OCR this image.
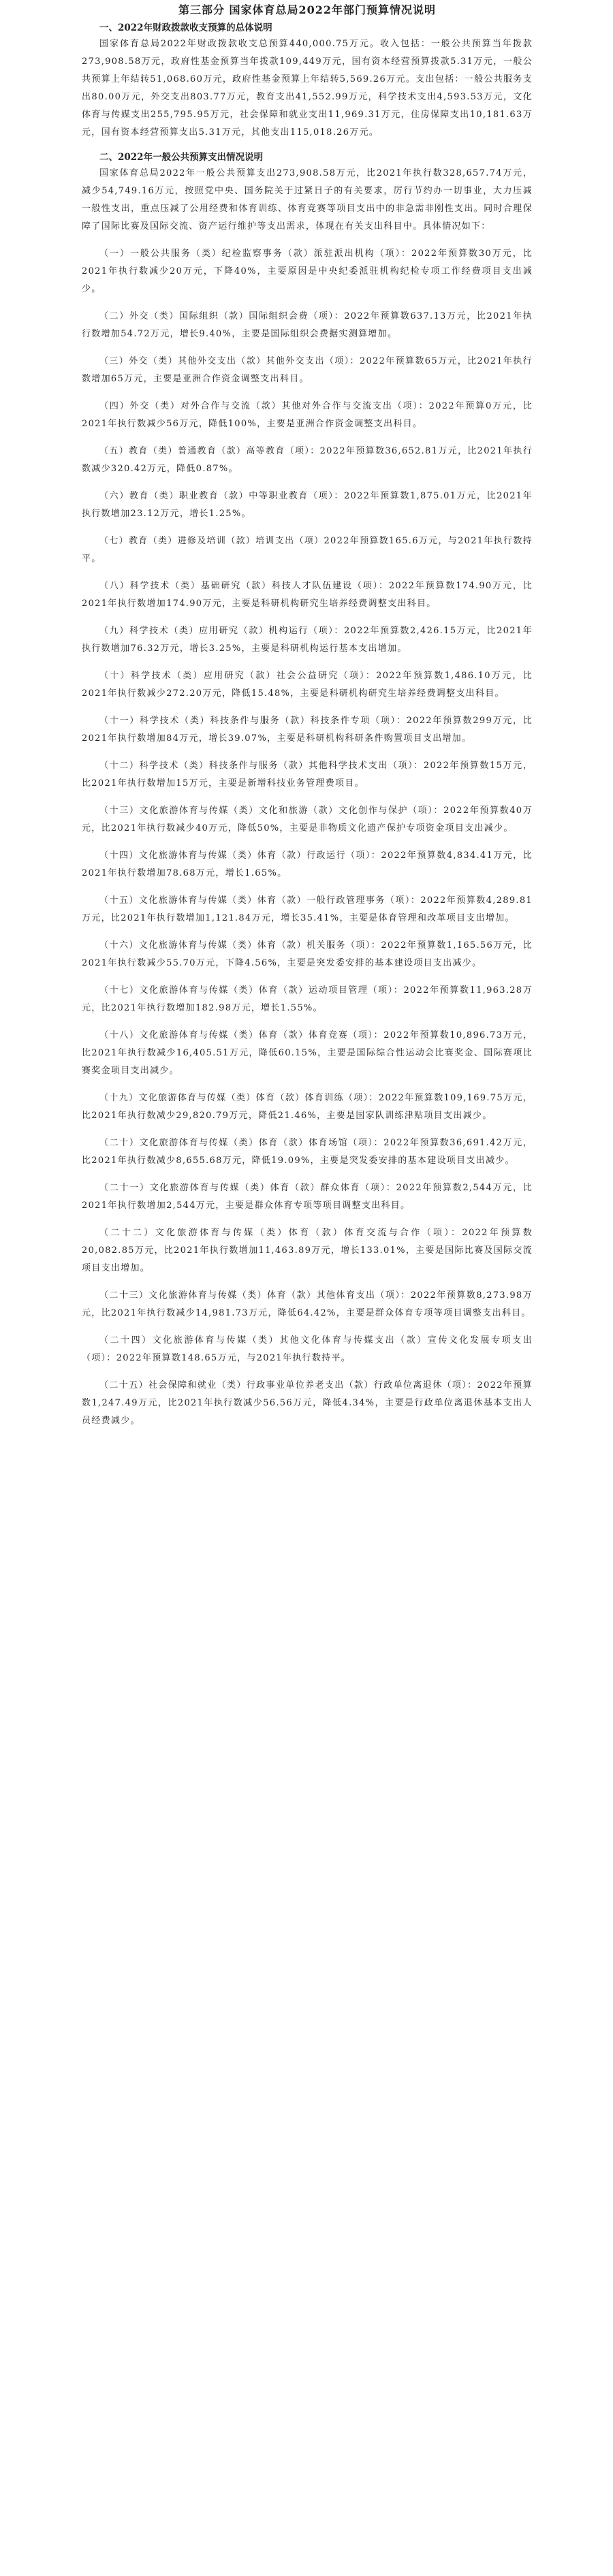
第三部分 国家体育总局2022年部门预算情况说明
一、2022年财政拨款收支预算的总体说明

国家体育总局2022年财政拨款收支总预算440,000.75万元。收入包括：一般公共预算当年拨款273,908.58万元，政府性基金预算当年拨款109,449万元，国有资本经营预算拨款5.31万元，一般公共预算上年结转51,068.60万元，政府性基金预算上年结转5,569.26万元。支出包括：一般公共服务支出80.00万元，外交支出803.77万元，教育支出41,552.99万元，科学技术支出4,593.53万元，文化体育与传媒支出255,795.95万元，社会保障和就业支出11,969.31万元，住房保障支出10,181.63万元，国有资本经营预算支出5.31万元，其他支出115,018.26万元。

二、2022年一般公共预算支出情况说明

国家体育总局2022年一般公共预算支出273,908.58万元，比2021年执行数328,657.74万元，减少54,749.16万元，按照党中央、国务院关于过紧日子的有关要求，厉行节约办一切事业，大力压减一般性支出，重点压减了公用经费和体育训练、体育竞赛等项目支出中的非急需非刚性支出。同时合理保障了国际比赛及国际交流、资产运行维护等支出需求，体现在有关支出科目中。具体情况如下：

（一）一般公共服务（类）纪检监察事务（款）派驻派出机构（项）：2022年预算数30万元，比2021年执行数减少20万元，下降40%，主要原因是中央纪委派驻机构纪检专项工作经费项目支出减少。

（二）外交（类）国际组织（款）国际组织会费（项）：2022年预算数637.13万元，比2021年执行数增加54.72万元，增长9.40%，主要是国际组织会费据实测算增加。

（三）外交（类）其他外交支出（款）其他外交支出（项）：2022年预算数65万元，比2021年执行数增加65万元，主要是亚洲合作资金调整支出科目。

（四）外交（类）对外合作与交流（款）其他对外合作与交流支出（项）：2022年预算0万元，比2021年执行数减少56万元，降低100%，主要是亚洲合作资金调整支出科目。

（五）教育（类）普通教育（款）高等教育（项）：2022年预算数36,652.81万元，比2021年执行数减少320.42万元，降低0.87%。

（六）教育（类）职业教育（款）中等职业教育（项）：2022年预算数1,875.01万元，比2021年执行数增加23.12万元，增长1.25%。

（七）教育（类）进修及培训（款）培训支出（项）2022年预算数165.6万元，与2021年执行数持平。

（八）科学技术（类）基础研究（款）科技人才队伍建设（项）：2022年预算数174.90万元，比2021年执行数增加174.90万元，主要是科研机构研究生培养经费调整支出科目。

（九）科学技术（类）应用研究（款）机构运行（项）：2022年预算数2,426.15万元，比2021年执行数增加76.32万元，增长3.25%，主要是科研机构运行基本支出增加。

（十）科学技术（类）应用研究（款）社会公益研究（项）：2022年预算数1,486.10万元，比2021年执行数减少272.20万元，降低15.48%，主要是科研机构研究生培养经费调整支出科目。

（十一）科学技术（类）科技条件与服务（款）科技条件专项（项）：2022年预算数299万元，比2021年执行数增加84万元，增长39.07%，主要是科研机构科研条件购置项目支出增加。

（十二）科学技术（类）科技条件与服务（款）其他科学技术支出（项）：2022年预算数15万元，比2021年执行数增加15万元，主要是新增科技业务管理费项目。

（十三）文化旅游体育与传媒（类）文化和旅游（款）文化创作与保护（项）：2022年预算数40万元，比2021年执行数减少40万元，降低50%，主要是非物质文化遗产保护专项资金项目支出减少。

（十四）文化旅游体育与传媒（类）体育（款）行政运行（项）：2022年预算数4,834.41万元，比2021年执行数增加78.68万元，增长1.65%。

（十五）文化旅游体育与传媒（类）体育（款）一般行政管理事务（项）：2022年预算数4,289.81万元，比2021年执行数增加1,121.84万元，增长35.41%，主要是体育管理和改革项目支出增加。

（十六）文化旅游体育与传媒（类）体育（款）机关服务（项）：2022年预算数1,165.56万元，比2021年执行数减少55.70万元，下降4.56%，主要是突发委安排的基本建设项目支出减少。

（十七）文化旅游体育与传媒（类）体育（款）运动项目管理（项）：2022年预算数11,963.28万元，比2021年执行数增加182.98万元，增长1.55%。

（十八）文化旅游体育与传媒（类）体育（款）体育竞赛（项）：2022年预算数10,896.73万元，比2021年执行数减少16,405.51万元，降低60.15%，主要是国际综合性运动会比赛奖金、国际赛项比赛奖金项目支出减少。

（十九）文化旅游体育与传媒（类）体育（款）体育训练（项）：2022年预算数109,169.75万元，比2021年执行数减少29,820.79万元，降低21.46%，主要是国家队训练津贴项目支出减少。

（二十）文化旅游体育与传媒（类）体育（款）体育场馆（项）：2022年预算数36,691.42万元，比2021年执行数减少8,655.68万元，降低19.09%，主要是突发委安排的基本建设项目支出减少。

（二十一）文化旅游体育与传媒（类）体育（款）群众体育（项）：2022年预算数2,544万元，比2021年执行数增加2,544万元，主要是群众体育专项等项目调整支出科目。

（二十二）文化旅游体育与传媒（类）体育（款）体育交流与合作（项）：2022年预算数20,082.85万元，比2021年执行数增加11,463.89万元，增长133.01%，主要是国际比赛及国际交流项目支出增加。

（二十三）文化旅游体育与传媒（类）体育（款）其他体育支出（项）：2022年预算数8,273.98万元，比2021年执行数减少14,981.73万元，降低64.42%，主要是群众体育专项等项目调整支出科目。

（二十四）文化旅游体育与传媒（类）其他文化体育与传媒支出（款）宣传文化发展专项支出（项）：2022年预算数148.65万元，与2021年执行数持平。

（二十五）社会保障和就业（类）行政事业单位养老支出（款）行政单位离退休（项）：2022年预算数1,247.49万元，比2021年执行数减少56.56万元，降低4.34%，主要是行政单位离退休基本支出人员经费减少。
